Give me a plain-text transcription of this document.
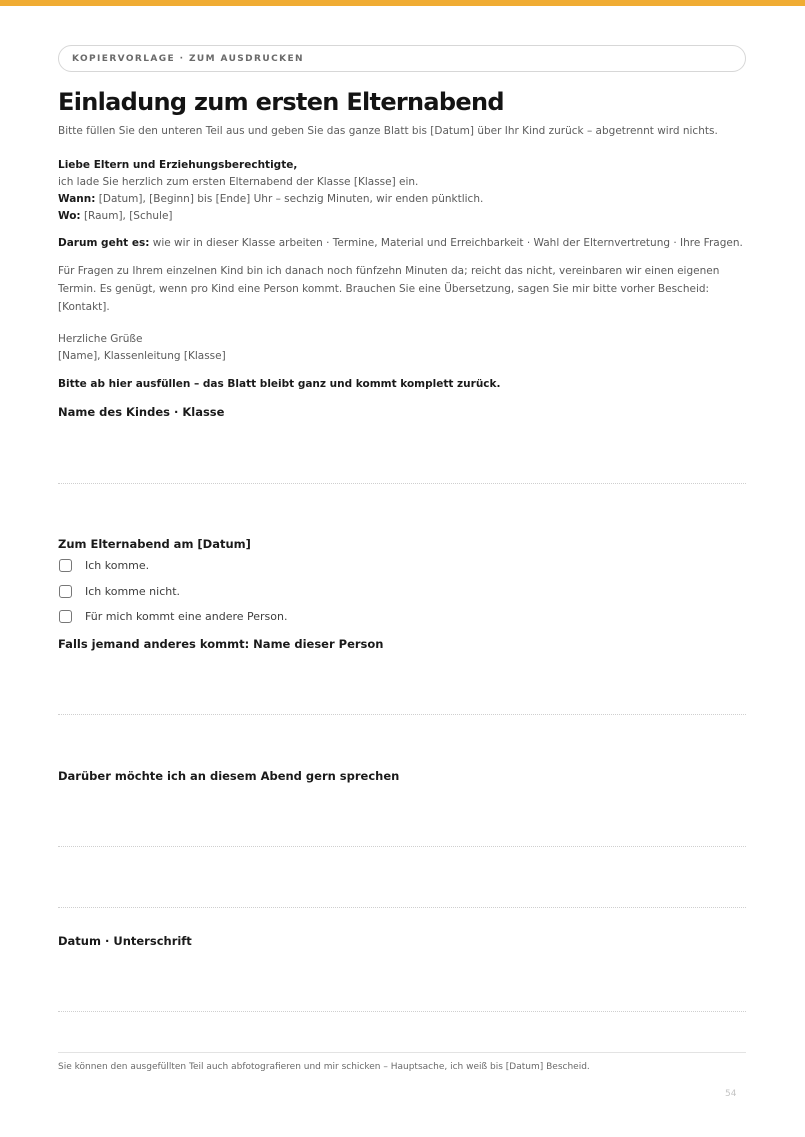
KOPIERVORLAGE · ZUM AUSDRUCKEN
Einladung zum ersten Elternabend
Bitte füllen Sie den unteren Teil aus und geben Sie das ganze Blatt bis [Datum] über Ihr Kind zurück – abgetrennt wird nichts.
Liebe Eltern und Erziehungsberechtigte,
ich lade Sie herzlich zum ersten Elternabend der Klasse [Klasse] ein.
Wann: [Datum], [Beginn] bis [Ende] Uhr – sechzig Minuten, wir enden pünktlich.
Wo: [Raum], [Schule]
Darum geht es: wie wir in dieser Klasse arbeiten · Termine, Material und Erreichbarkeit · Wahl der Elternvertretung · Ihre Fragen.
Für Fragen zu Ihrem einzelnen Kind bin ich danach noch fünfzehn Minuten da; reicht das nicht, vereinbaren wir einen eigenen Termin. Es genügt, wenn pro Kind eine Person kommt. Brauchen Sie eine Übersetzung, sagen Sie mir bitte vorher Bescheid: [Kontakt].
Herzliche Grüße
[Name], Klassenleitung [Klasse]
Bitte ab hier ausfüllen – das Blatt bleibt ganz und kommt komplett zurück.
Name des Kindes · Klasse
Zum Elternabend am [Datum]
Ich komme.
Ich komme nicht.
Für mich kommt eine andere Person.
Falls jemand anderes kommt: Name dieser Person
Darüber möchte ich an diesem Abend gern sprechen
Datum · Unterschrift
Sie können den ausgefüllten Teil auch abfotografieren und mir schicken – Hauptsache, ich weiß bis [Datum] Bescheid.
54
